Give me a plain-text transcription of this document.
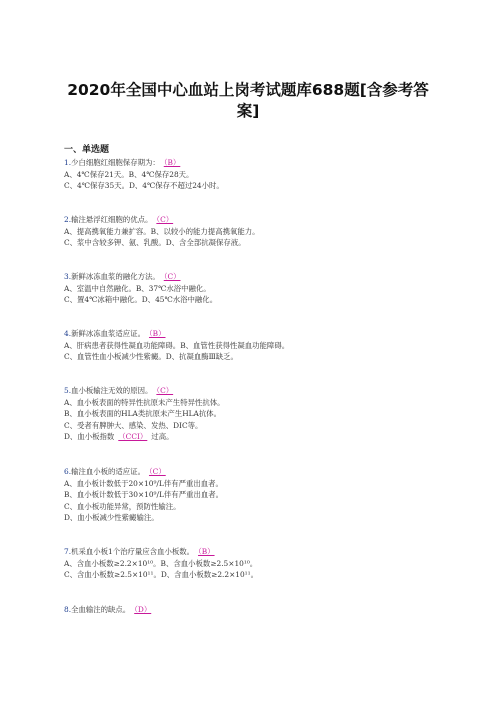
2020年全国中心血站上岗考试题库688题[含参考答
案]
一、单选题
1.少白细胞红细胞保存期为： （B）
A、4℃保存21天。B、4℃保存28天。
C、4℃保存35天。D、4℃保存不超过24小时。
2.输注悬浮红细胞的优点。 （C）
A、提高携氧能力兼扩容。B、以较小的能力提高携氧能力。
C、浆中含较多钾、氨、乳酸。D、含全部抗凝保存液。
3.新鲜冰冻血浆的融化方法。 （C）
A、室温中自然融化。B、37℃水浴中融化。
C、置4℃冰箱中融化。D、45℃水浴中融化。
4.新鲜冰冻血浆适应证。 （B）
A、肝病患者获得性凝血功能障碍。B、血管性获得性凝血功能障碍。
C、血管性血小板减少性紫癜。D、抗凝血酶Ⅲ缺乏。
5.血小板输注无效的原因。 （C）
A、血小板表面的特异性抗原未产生特异性抗体。
B、血小板表面的HLA类抗原未产生HLA抗体。
C、受者有脾肿大、感染、发热、DIC等。
D、血小板指数 （CCI） 过高。
6.输注血小板的适应证。 （C）
A、血小板计数低于20×10⁹/L伴有严重出血者。
B、血小板计数低于30×10⁹/L伴有严重出血者。
C、血小板功能异常，预防性输注。
D、血小板减少性紫癜输注。
7.机采血小板1个治疗量应含血小板数。 （B）
A、含血小板数≥2.2×10¹⁰。B、含血小板数≥2.5×10¹⁰。
C、含血小板数≥2.5×10¹¹。D、含血小板数≥2.2×10¹¹。
8.全血输注的缺点。 （D）
